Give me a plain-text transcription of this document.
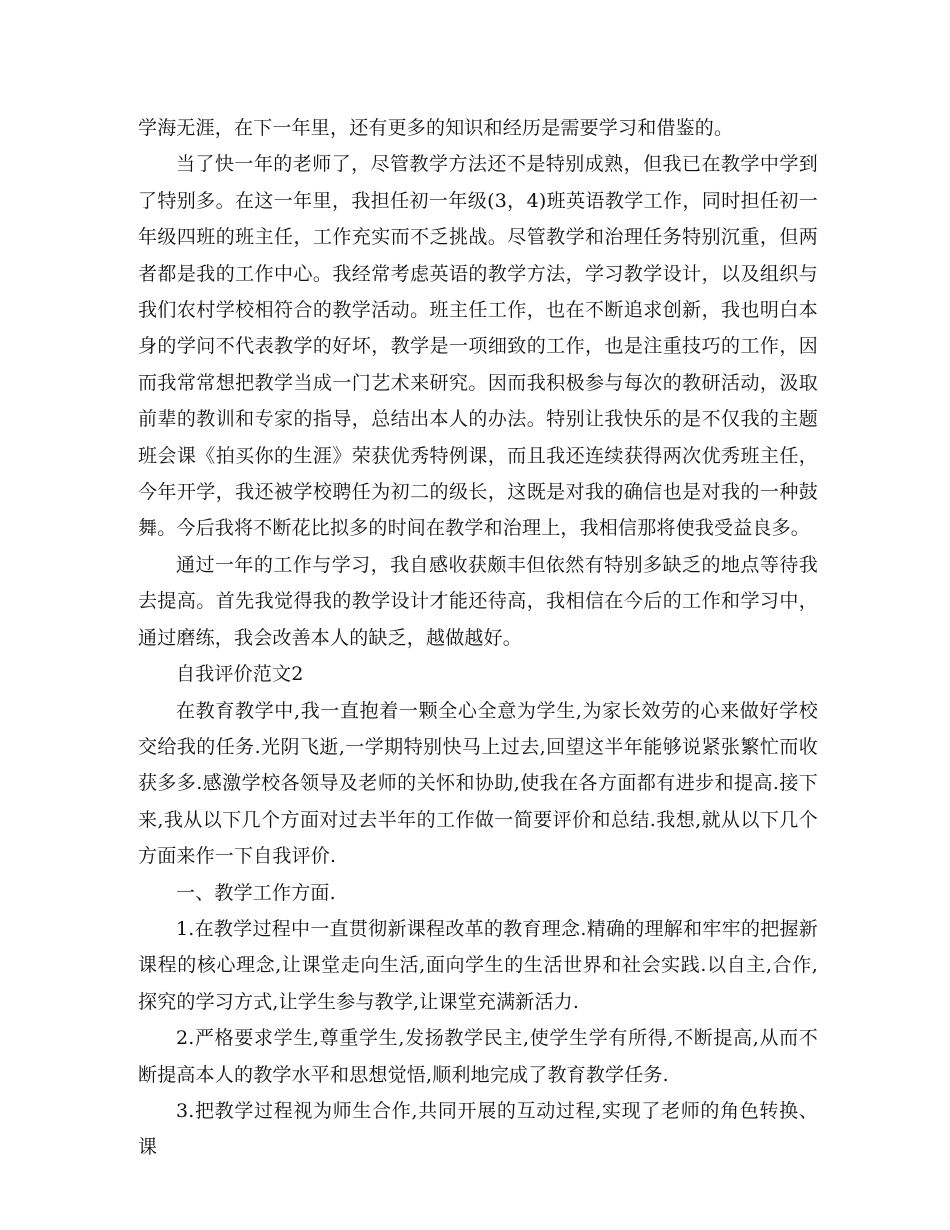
学海无涯，在下一年里，还有更多的知识和经历是需要学习和借鉴的。

当了快一年的老师了，尽管教学方法还不是特别成熟，但我已在教学中学到了特别多。在这一年里，我担任初一年级(3，4)班英语教学工作，同时担任初一年级四班的班主任，工作充实而不乏挑战。尽管教学和治理任务特别沉重，但两者都是我的工作中心。我经常考虑英语的教学方法，学习教学设计，以及组织与我们农村学校相符合的教学活动。班主任工作，也在不断追求创新，我也明白本身的学问不代表教学的好坏，教学是一项细致的工作，也是注重技巧的工作，因而我常常想把教学当成一门艺术来研究。因而我积极参与每次的教研活动，汲取前辈的教训和专家的指导，总结出本人的办法。特别让我快乐的是不仅我的主题班会课《拍买你的生涯》荣获优秀特例课，而且我还连续获得两次优秀班主任，今年开学，我还被学校聘任为初二的级长，这既是对我的确信也是对我的一种鼓舞。今后我将不断花比拟多的时间在教学和治理上，我相信那将使我受益良多。

通过一年的工作与学习，我自感收获颇丰但依然有特别多缺乏的地点等待我去提高。首先我觉得我的教学设计才能还待高，我相信在今后的工作和学习中，通过磨练，我会改善本人的缺乏，越做越好。

自我评价范文2

在教育教学中,我一直抱着一颗全心全意为学生,为家长效劳的心来做好学校交给我的任务.光阴飞逝,一学期特别快马上过去,回望这半年能够说紧张繁忙而收获多多.感激学校各领导及老师的关怀和协助,使我在各方面都有进步和提高.接下来,我从以下几个方面对过去半年的工作做一简要评价和总结.我想,就从以下几个方面来作一下自我评价.

一、教学工作方面.

1.在教学过程中一直贯彻新课程改革的教育理念.精确的理解和牢牢的把握新课程的核心理念,让课堂走向生活,面向学生的生活世界和社会实践.以自主,合作,探究的学习方式,让学生参与教学,让课堂充满新活力.

2.严格要求学生,尊重学生,发扬教学民主,使学生学有所得,不断提高,从而不断提高本人的教学水平和思想觉悟,顺利地完成了教育教学任务.

3.把教学过程视为师生合作,共同开展的互动过程,实现了老师的角色转换、课
